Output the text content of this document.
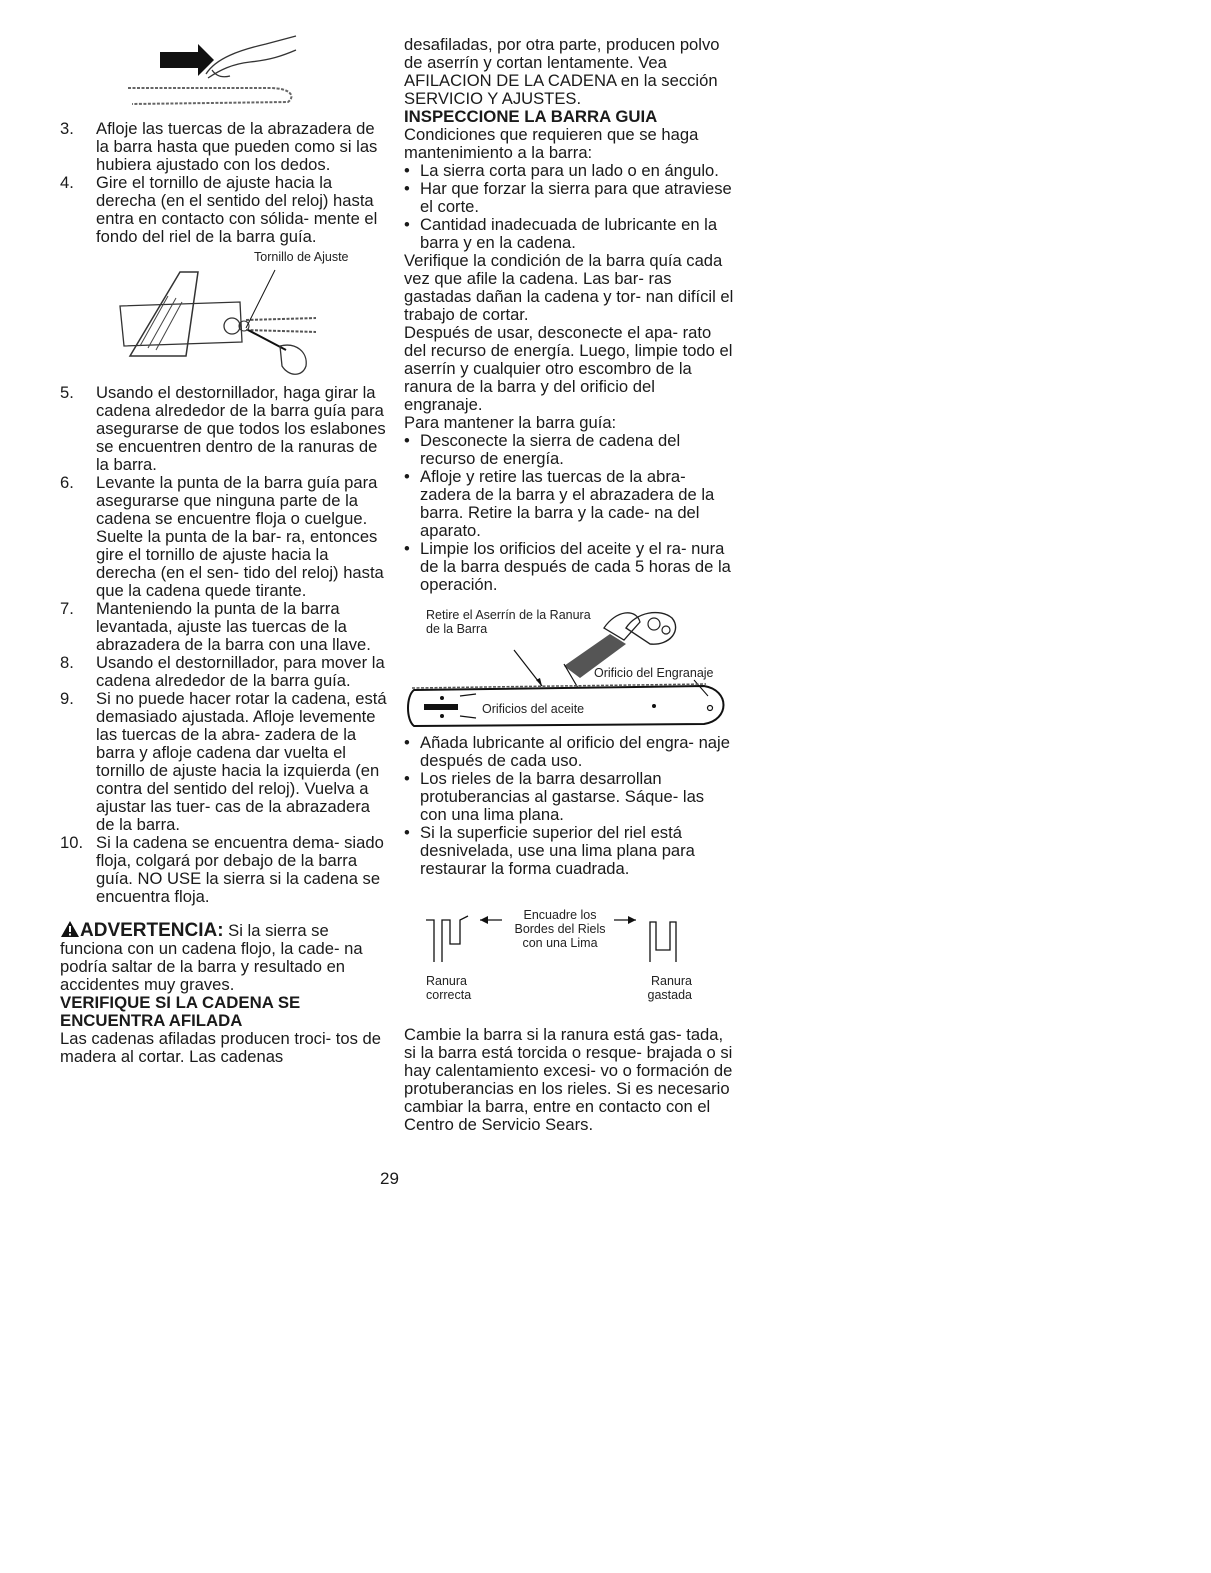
3.	Afloje las tuercas de la abrazadera de la barra hasta que pueden como si las hubiera ajustado con los dedos.
4.	Gire el tornillo de ajuste hacia la derecha (en el sentido del reloj) hasta entra en contacto con sólida- mente el fondo del riel de la barra guía.
Tornillo de Ajuste
5.	Usando el destornillador, haga girar la cadena alrededor de la barra guía para asegurarse de que todos los eslabones se encuentren dentro de la ranuras de la barra.
6.	Levante la punta de la barra guía para asegurarse que ninguna parte de la cadena se encuentre floja o cuelgue. Suelte la punta de la bar- ra, entonces gire el tornillo de ajuste hacia la derecha (en el sen- tido del reloj) hasta que la cadena quede tirante.
7.	Manteniendo la punta de la barra levantada, ajuste las tuercas de la abrazadera de la barra con una llave.
8.	Usando el destornillador, para mover la cadena alrededor de la barra guía.
9.	Si no puede hacer rotar la cadena, está demasiado ajustada. Afloje levemente las tuercas de la abra- zadera de la barra y afloje cadena dar vuelta el tornillo de ajuste hacia la izquierda (en contra del sentido del reloj). Vuelva a ajustar las tuer- cas de la abrazadera de la barra.
10. Si la cadena se encuentra dema- siado floja, colgará por debajo de la barra guía. NO USE la sierra si la cadena se encuentra floja.

ADVERTENCIA: Si la sierra se funciona con un cadena flojo, la cade- na podría saltar de la barra y resultado en accidentes muy graves.

VERIFIQUE SI LA CADENA SE ENCUENTRA AFILADA

Las cadenas afiladas producen troci- tos de madera al cortar. Las cadenas

desafiladas, por otra parte, producen polvo de aserrín y cortan lentamente. Vea AFILACION DE LA CADENA en la sección SERVICIO Y AJUSTES.

INSPECCIONE LA BARRA GUIA

Condiciones que requieren que se haga mantenimiento a la barra:

• La sierra corta para un lado o en ángulo.
• Har que forzar la sierra para que atraviese el corte.
• Cantidad inadecuada de lubricante en la barra y en la cadena.

Verifique la condición de la barra quía cada vez que afile la cadena. Las bar- ras gastadas dañan la cadena y tor- nan difícil el trabajo de cortar.

Después de usar, desconecte el apa- rato del recurso de energía. Luego, limpie todo el aserrín y cualquier otro escombro de la ranura de la barra y del orificio del engranaje.

Para mantener la barra guía:

• Desconecte la sierra de cadena del recurso de energía.
• Afloje y retire las tuercas de la abra- zadera de la barra y el abrazadera de la barra. Retire la barra y la cade- na del aparato.
• Limpie los orificios del aceite y el ra- nura de la barra después de cada 5 horas de la operación.
Retire el Aserrín de la Ranura de la Barra
Orificio del Engranaje
Orificios del aceite
• Añada lubricante al orificio del engra- naje después de cada uso.
• Los rieles de la barra desarrollan protuberancias al gastarse. Sáque- las con una lima plana.
• Si la superficie superior del riel está desnivelada, use una lima plana para restaurar la forma cuadrada.
Encuadre los Bordes del Riels con una Lima
Ranura correcta
Ranura gastada

Cambie la barra si la ranura está gas- tada, si la barra está torcida o resque- brajada o si hay calentamiento excesi- vo o formación de protuberancias en los rieles. Si es necesario cambiar la barra, entre en contacto con el Centro de Servicio Sears.

29
